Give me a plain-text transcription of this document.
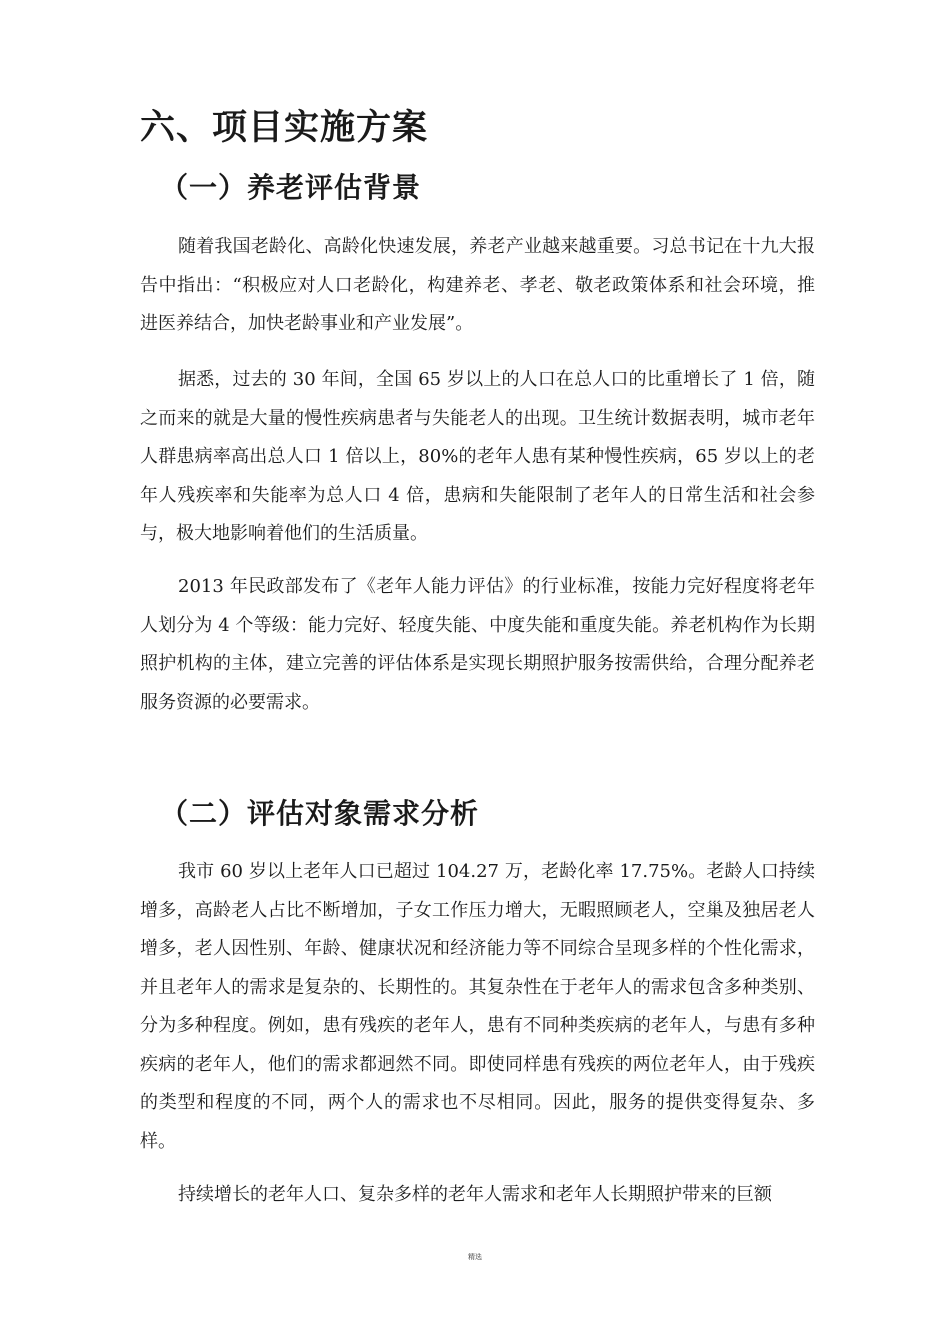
六、项目实施方案
（一）养老评估背景

随着我国老龄化、高龄化快速发展，养老产业越来越重要。习总书记在十九大报告中指出：“积极应对人口老龄化，构建养老、孝老、敬老政策体系和社会环境，推进医养结合，加快老龄事业和产业发展”。

据悉，过去的 30 年间，全国 65 岁以上的人口在总人口的比重增长了 1 倍，随之而来的就是大量的慢性疾病患者与失能老人的出现。卫生统计数据表明，城市老年人群患病率高出总人口 1 倍以上，80%的老年人患有某种慢性疾病，65 岁以上的老年人残疾率和失能率为总人口 4 倍，患病和失能限制了老年人的日常生活和社会参与，极大地影响着他们的生活质量。

2013 年民政部发布了《老年人能力评估》的行业标准，按能力完好程度将老年人划分为 4 个等级：能力完好、轻度失能、中度失能和重度失能。养老机构作为长期照护机构的主体，建立完善的评估体系是实现长期照护服务按需供给，合理分配养老服务资源的必要需求。

（二）评估对象需求分析

我市 60 岁以上老年人口已超过 104.27 万，老龄化率 17.75%。老龄人口持续增多，高龄老人占比不断增加，子女工作压力增大，无暇照顾老人，空巢及独居老人增多，老人因性别、年龄、健康状况和经济能力等不同综合呈现多样的个性化需求，并且老年人的需求是复杂的、长期性的。其复杂性在于老年人的需求包含多种类别、分为多种程度。例如，患有残疾的老年人，患有不同种类疾病的老年人，与患有多种疾病的老年人，他们的需求都迥然不同。即使同样患有残疾的两位老年人，由于残疾的类型和程度的不同，两个人的需求也不尽相同。因此，服务的提供变得复杂、多样。

持续增长的老年人口、复杂多样的老年人需求和老年人长期照护带来的巨额

精选
